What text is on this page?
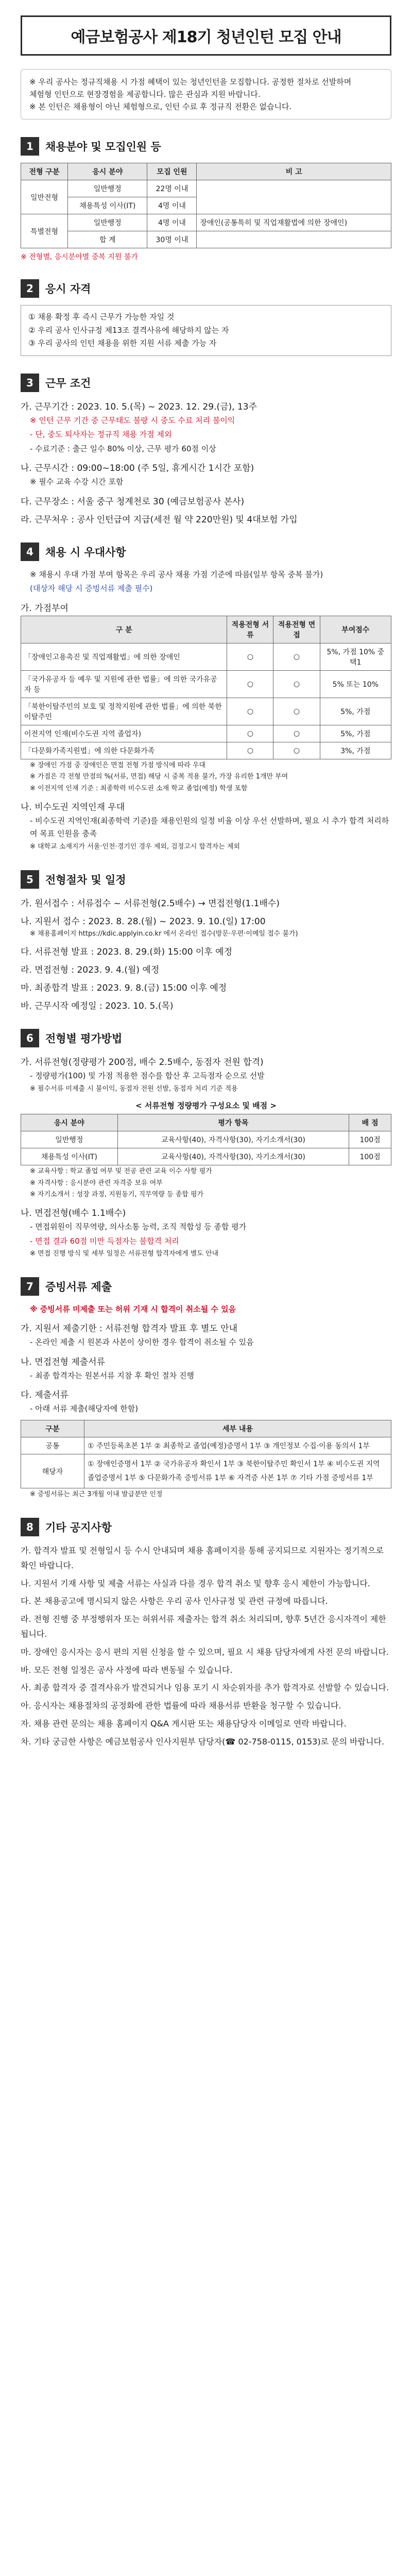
예금보험공사 제18기 청년인턴 모집 안내
※ 우리 공사는 정규직채용 시 가점 혜택이 있는 청년인턴을 모집합니다. 공정한 절차로 선발하며
체험형 인턴으로 현장경험을 제공합니다. 많은 관심과 지원 바랍니다.
※ 본 인턴은 채용형이 아닌 체험형으로, 인턴 수료 후 정규직 전환은 없습니다.
1	채용분야 및 모집인원 등
전형 구분	응시 분야	모집 인원	비 고
일반전형	일반행정	22명 이내	
	채용특성 이사(IT)	4명 이내	
특별전형	일반행정	4명 이내	장애인(공통특히 및 직업재활법에 의한 장애인)
	합 계	30명 이내	
※ 전형별, 응시분야별 중복 지원 불가
2	응시 자격
① 채용 확정 후 즉시 근무가 가능한 자일 것
② 우리 공사 인사규정 제13조 결격사유에 해당하지 않는 자
③ 우리 공사의 인턴 채용을 위한 지원 서류 제출 가능 자
3	근무 조건
가. 근무기간 : 2023. 10. 5.(목) ~ 2023. 12. 29.(금), 13주
※ 인턴 근무 기간 중 근무태도 불량 시 중도 수료 처리 불이익
- 단, 중도 퇴사자는 정규직 채용 가점 제외
- 수료기준 : 출근 일수 80% 이상, 근무 평가 60점 이상
나. 근무시간 : 09:00~18:00 (주 5일, 휴게시간 1시간 포함)
※ 필수 교육 수강 시간 포함
다. 근무장소 : 서울 중구 청계천로 30 (예금보험공사 본사)
라. 근무처우 : 공사 인턴급여 지급(세전 월 약 220만원) 및 4대보험 가입
4	채용 시 우대사항
※ 채용시 우대 가점 부여 항목은 우리 공사 채용 가점 기준에 따름(일부 항목 중복 불가)
(대상자 해당 시 증빙서류 제출 필수)
가. 가점부여
구 분	적용전형 서류	적용전형 면접	부여점수
「장애인고용촉진 및 직업재활법」에 의한 장애인	○	○	5%, 가점 10% 중 택1
「국가유공자 등 예우 및 지원에 관한 법률」에 의한 국가유공자 등	○	○	5% 또는 10%
「북한이탈주민의 보호 및 정착지원에 관한 법률」에 의한 북한이탈주민	○	○	5%, 가점
이전지역 인재(비수도권 지역 졸업자)	○	○	5%, 가점
「다문화가족지원법」에 의한 다문화가족	○	○	3%, 가점
※ 장애인 가점 중 장애인은 면접 전형 가점 방식에 따라 우대
※ 가점은 각 전형 만점의 %(서류, 면접) 해당 시 중복 적용 불가, 가장 유리한 1개만 부여
※ 이전지역 인재 기준 : 최종학력 비수도권 소재 학교 졸업(예정) 학생 포함
나. 비수도권 지역인재 우대
- 비수도권 지역인재(최종학력 기준)를 채용인원의 일정 비율 이상 우선 선발하며, 필요 시 추가 합격 처리하여 목표 인원을 충족
※ 대학교 소재지가 서울·인천·경기인 경우 제외, 검정고시 합격자는 제외
5	전형절차 및 일정
가. 원서접수 : 서류접수 ~ 서류전형(2.5배수) → 면접전형(1.1배수)
나. 지원서 접수 : 2023. 8. 28.(월) ~ 2023. 9. 10.(일) 17:00
※ 채용홈페이지 https://kdic.applyin.co.kr 에서 온라인 접수(방문·우편·이메일 접수 불가)
다. 서류전형 발표 : 2023. 8. 29.(화) 15:00 이후 예정
라. 면접전형 : 2023. 9. 4.(월) 예정
마. 최종합격 발표 : 2023. 9. 8.(금) 15:00 이후 예정
바. 근무시작 예정일 : 2023. 10. 5.(목)
6	전형별 평가방법
가. 서류전형(정량평가 200점, 배수 2.5배수, 동점자 전원 합격)
- 정량평가(100) 및 가점 적용한 점수를 합산 후 고득점자 순으로 선발
※ 필수서류 미제출 시 불이익, 동점자 전원 선발, 동점자 처리 기준 적용
< 서류전형 정량평가 구성요소 및 배점 >
응시 분야	평가 항목	배 점
일반행정	교육사항(40), 자격사항(30), 자기소개서(30)	100점
채용특성 이사(IT)	교육사항(40), 자격사항(30), 자기소개서(30)	100점
※ 교육사항 : 학교 졸업 여부 및 전공 관련 교육 이수 사항 평가
※ 자격사항 : 응시분야 관련 자격증 보유 여부
※ 자기소개서 : 성장 과정, 지원동기, 직무역량 등 종합 평가
나. 면접전형(배수 1.1배수)
- 면접위원이 직무역량, 의사소통 능력, 조직 적합성 등 종합 평가
- 면접 결과 60점 미만 득점자는 불합격 처리
※ 면접 진행 방식 및 세부 일정은 서류전형 합격자에게 별도 안내
7	증빙서류 제출
※ 증빙서류 미제출 또는 허위 기재 시 합격이 취소될 수 있음
가. 지원서 제출기한 : 서류전형 합격자 발표 후 별도 안내
- 온라인 제출 시 원본과 사본이 상이한 경우 합격이 취소될 수 있음
나. 면접전형 제출서류
- 최종 합격자는 원본서류 지참 후 확인 절차 진행
다. 제출서류
- 아래 서류 제출(해당자에 한함)
구분	세부 내용
공통	① 주민등록초본 1부 ② 최종학교 졸업(예정)증명서 1부 ③ 개인정보 수집·이용 동의서 1부
해당자	① 장애인증명서 1부 ② 국가유공자 확인서 1부 ③ 북한이탈주민 확인서 1부 ④ 비수도권 지역 졸업증명서 1부 ⑤ 다문화가족 증빙서류 1부 ⑥ 자격증 사본 1부 ⑦ 기타 가점 증빙서류 1부
※ 증빙서류는 최근 3개월 이내 발급분만 인정
8	기타 공지사항
가. 합격자 발표 및 전형일시 등 수시 안내되며 채용 홈페이지를 통해 공지되므로 지원자는 정기적으로 확인 바랍니다.
나. 지원서 기재 사항 및 제출 서류는 사실과 다를 경우 합격 취소 및 향후 응시 제한이 가능합니다.
다. 본 채용공고에 명시되지 않은 사항은 우리 공사 인사규정 및 관련 규정에 따릅니다.
라. 전형 진행 중 부정행위자 또는 허위서류 제출자는 합격 취소 처리되며, 향후 5년간 응시자격이 제한됩니다.
마. 장애인 응시자는 응시 편의 지원 신청을 할 수 있으며, 필요 시 채용 담당자에게 사전 문의 바랍니다.
바. 모든 전형 일정은 공사 사정에 따라 변동될 수 있습니다.
사. 최종 합격자 중 결격사유가 발견되거나 임용 포기 시 차순위자를 추가 합격자로 선발할 수 있습니다.
아. 응시자는 채용절차의 공정화에 관한 법률에 따라 채용서류 반환을 청구할 수 있습니다.
자. 채용 관련 문의는 채용 홈페이지 Q&A 게시판 또는 채용담당자 이메일로 연락 바랍니다.
차. 기타 궁금한 사항은 예금보험공사 인사지원부 담당자(☎ 02-758-0115, 0153)로 문의 바랍니다.
